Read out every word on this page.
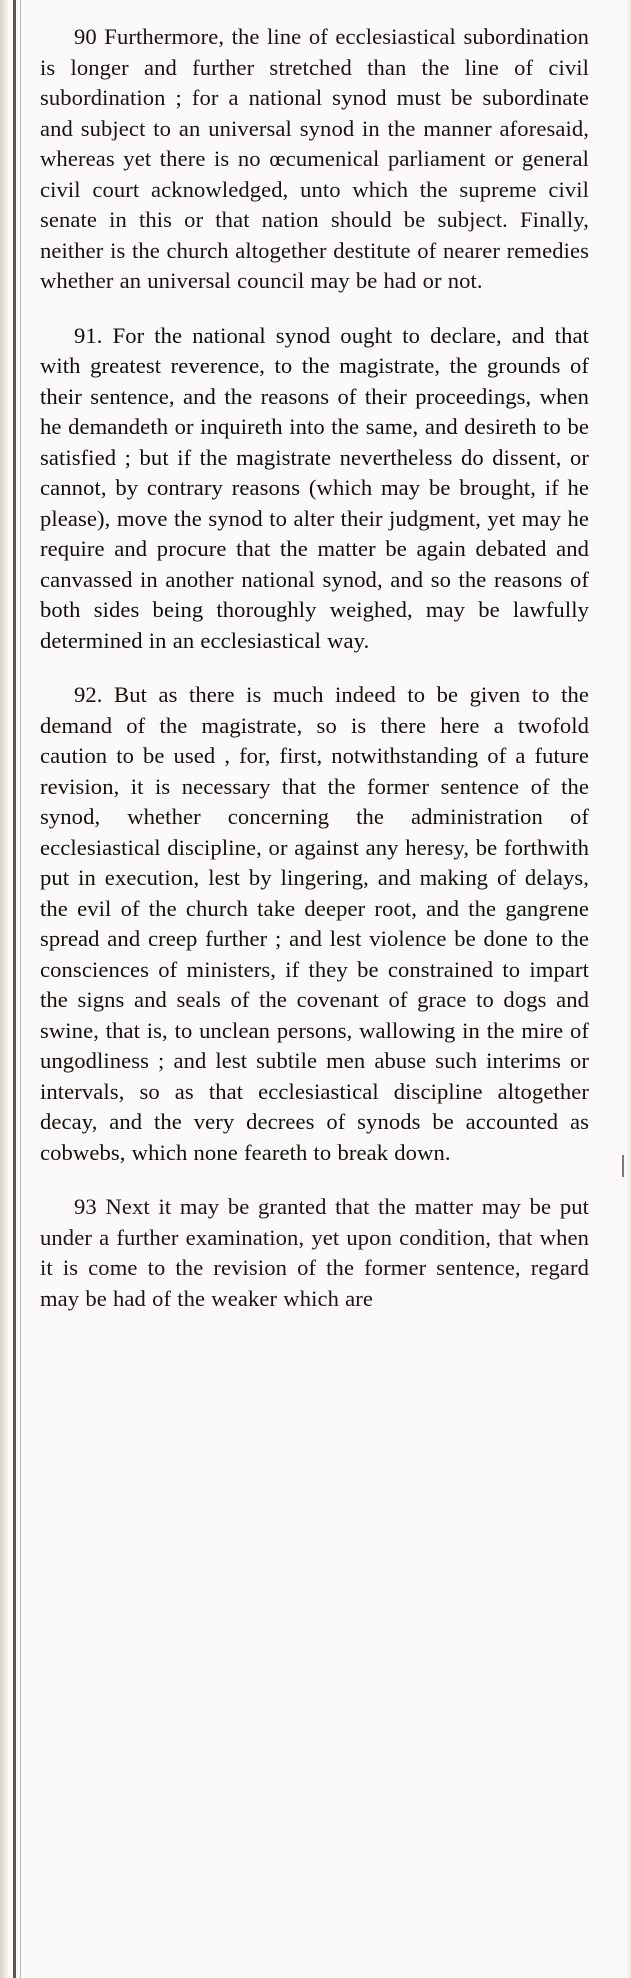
90 Furthermore, the line of ecclesiastical subordination is longer and further stretched than the line of civil subordination ; for a national synod must be subordinate and subject to an universal synod in the manner aforesaid, whereas yet there is no œcumenical parliament or general civil court acknowledged, unto which the supreme civil senate in this or that nation should be subject. Finally, neither is the church altogether destitute of nearer remedies whether an universal council may be had or not.

91. For the national synod ought to declare, and that with greatest reverence, to the magistrate, the grounds of their sentence, and the reasons of their proceedings, when he demandeth or inquireth into the same, and desireth to be satisfied ; but if the magistrate nevertheless do dissent, or cannot, by contrary reasons (which may be brought, if he please), move the synod to alter their judgment, yet may he require and procure that the matter be again debated and canvassed in another national synod, and so the reasons of both sides being thoroughly weighed, may be lawfully determined in an ecclesiastical way.

92. But as there is much indeed to be given to the demand of the magistrate, so is there here a twofold caution to be used , for, first, notwithstanding of a future revision, it is necessary that the former sentence of the synod, whether concerning the administration of ecclesiastical discipline, or against any heresy, be forthwith put in execution, lest by lingering, and making of delays, the evil of the church take deeper root, and the gangrene spread and creep further ; and lest violence be done to the consciences of ministers, if they be constrained to impart the signs and seals of the covenant of grace to dogs and swine, that is, to unclean persons, wallowing in the mire of ungodliness ; and lest subtile men abuse such interims or intervals, so as that ecclesiastical discipline altogether decay, and the very decrees of synods be accounted as cobwebs, which none feareth to break down.

93 Next it may be granted that the matter may be put under a further examination, yet upon condition, that when it is come to the revision of the former sentence, regard may be had of the weaker which are
